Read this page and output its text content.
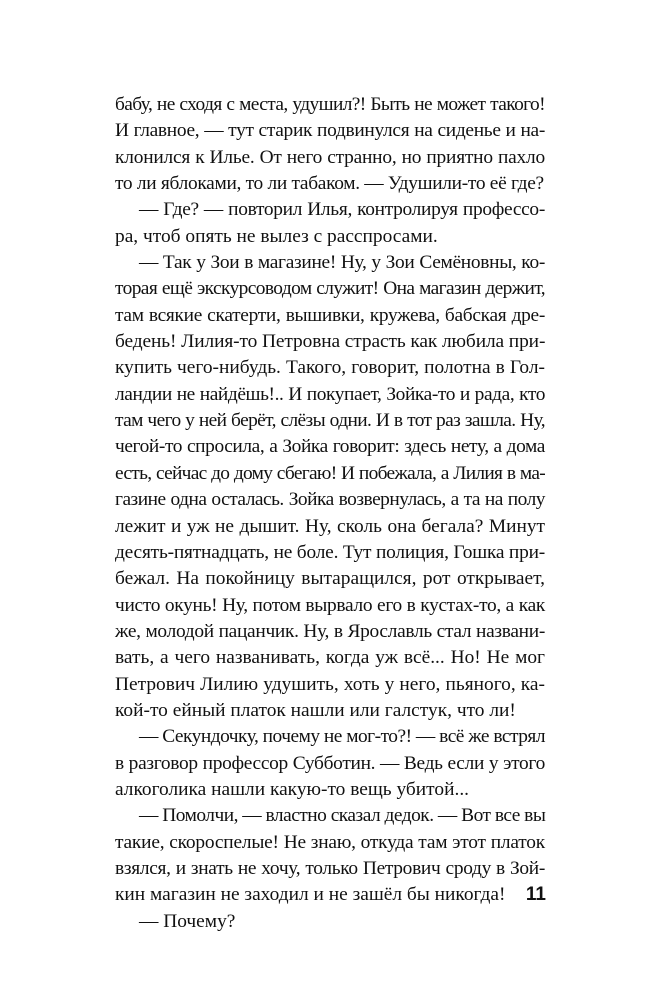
бабу, не сходя с места, удушил?! Быть не может такого!
И главное, — тут старик подвинулся на сиденье и на-
клонился к Илье. От него странно, но приятно пахло
то ли яблоками, то ли табаком. — Удушили-то её где?
— Где? — повторил Илья, контролируя профессо-
ра, чтоб опять не вылез с расспросами.
— Так у Зои в магазине! Ну, у Зои Семёновны, ко-
торая ещё экскурсоводом служит! Она магазин держит,
там всякие скатерти, вышивки, кружева, бабская дре-
бедень! Лилия-то Петровна страсть как любила при-
купить чего-нибудь. Такого, говорит, полотна в Гол-
ландии не найдёшь!.. И покупает, Зойка-то и рада, кто
там чего у ней берёт, слёзы одни. И в тот раз зашла. Ну,
чегой-то спросила, а Зойка говорит: здесь нету, а дома
есть, сейчас до дому сбегаю! И побежала, а Лилия в ма-
газине одна осталась. Зойка возвернулась, а та на полу
лежит и уж не дышит. Ну, сколь она бегала? Минут
десять-пятнадцать, не боле. Тут полиция, Гошка при-
бежал. На покойницу вытаращился, рот открывает,
чисто окунь! Ну, потом вырвало его в кустах-то, а как
же, молодой пацанчик. Ну, в Ярославль стал названи-
вать, а чего названивать, когда уж всё... Но! Не мог
Петрович Лилию удушить, хоть у него, пьяного, ка-
кой-то ейный платок нашли или галстук, что ли!
— Секундочку, почему не мог-то?! — всё же встрял
в разговор профессор Субботин. — Ведь если у этого
алкоголика нашли какую-то вещь убитой...
— Помолчи, — властно сказал дедок. — Вот все вы
такие, скороспелые! Не знаю, откуда там этот платок
взялся, и знать не хочу, только Петрович сроду в Зой-
кин магазин не заходил и не зашёл бы никогда!
— Почему?
11
